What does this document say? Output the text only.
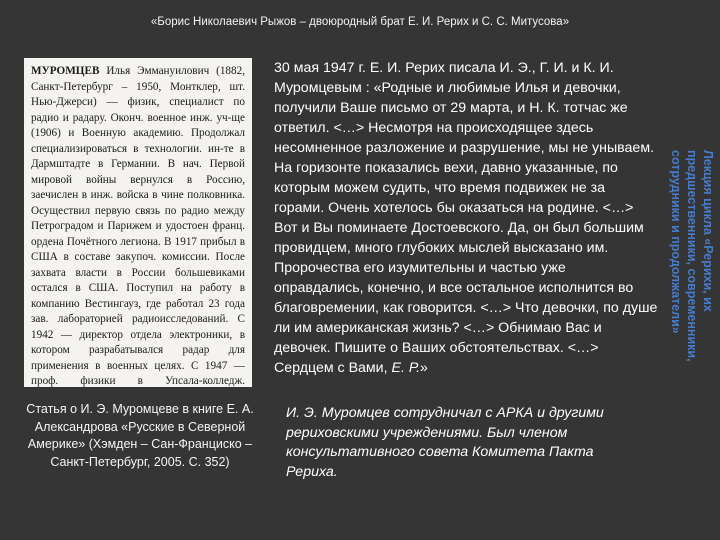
«Борис Николаевич Рыжов – двоюродный брат Е. И. Рерих и С. С. Митусова»

МУРОМЦЕВ Илья Эммануилович (1882, Санкт-Петербург – 1950, Монтклер, шт. Нью-Джерси) — физик, специалист по радио и радару. Оконч. военное инж. уч-ще (1906) и Военную академию. Продолжал специализироваться в технологии. ин-те в Дармштадте в Германии. В нач. Первой мировой войны вернулся в Россию, заечислен в инж. войска в чине полковника. Осуществил первую связь по радио между Петроградом и Парижем и удостоен франц. ордена Почётного легиона. В 1917 прибыл в США в составе закупоч. комиссии. После захвата власти в России большевиками остался в США. Поступил на работу в компанию Вестингауз, где работал 23 года зав. лабораторией радиоисследований. С 1942 — директор отдела электроники, в котором разрабатывался радар для применения в военных целях. С 1947 — проф. физики в Упсала-колледж.

Статья о И. Э. Муромцеве в книге Е. А. Александрова «Русские в Северной Америке» (Хэмден – Сан-Франциско – Санкт-Петербург, 2005. С. 352)
30 мая 1947 г. Е. И. Рерих писала И. Э., Г. И. и К. И. Муромцевым : «Родные и любимые Илья и девочки, получили Ваше письмо от 29 марта, и Н. К. тотчас же ответил. <…> Несмотря на происходящее здесь несомненное разложение и разрушение, мы не унываем. На горизонте показались вехи, давно указанные, по которым можем судить, что время подвижек не за горами. Очень хотелось бы оказаться на родине. <…> Вот и Вы поминаете Достоевского. Да, он был большим провидцем, много глубоких мыслей высказано им. Пророчества его изумительны и частью уже оправдались, конечно, и все остальное исполнится во благовремении, как говорится. <…> Что девочки, по душе ли им американская жизнь? <…> Обнимаю Вас и девочек. Пишите о Ваших обстоятельствах. <…> Сердцем с Вами, Е. Р.»
И. Э. Муромцев сотрудничал с АРКА и другими рериховскими учреждениями. Был членом консультативного совета Комитета Пакта Рериха.
Лекция цикла «Рерихи, их
предшественники, современники,
сотрудники и продолжатели»
